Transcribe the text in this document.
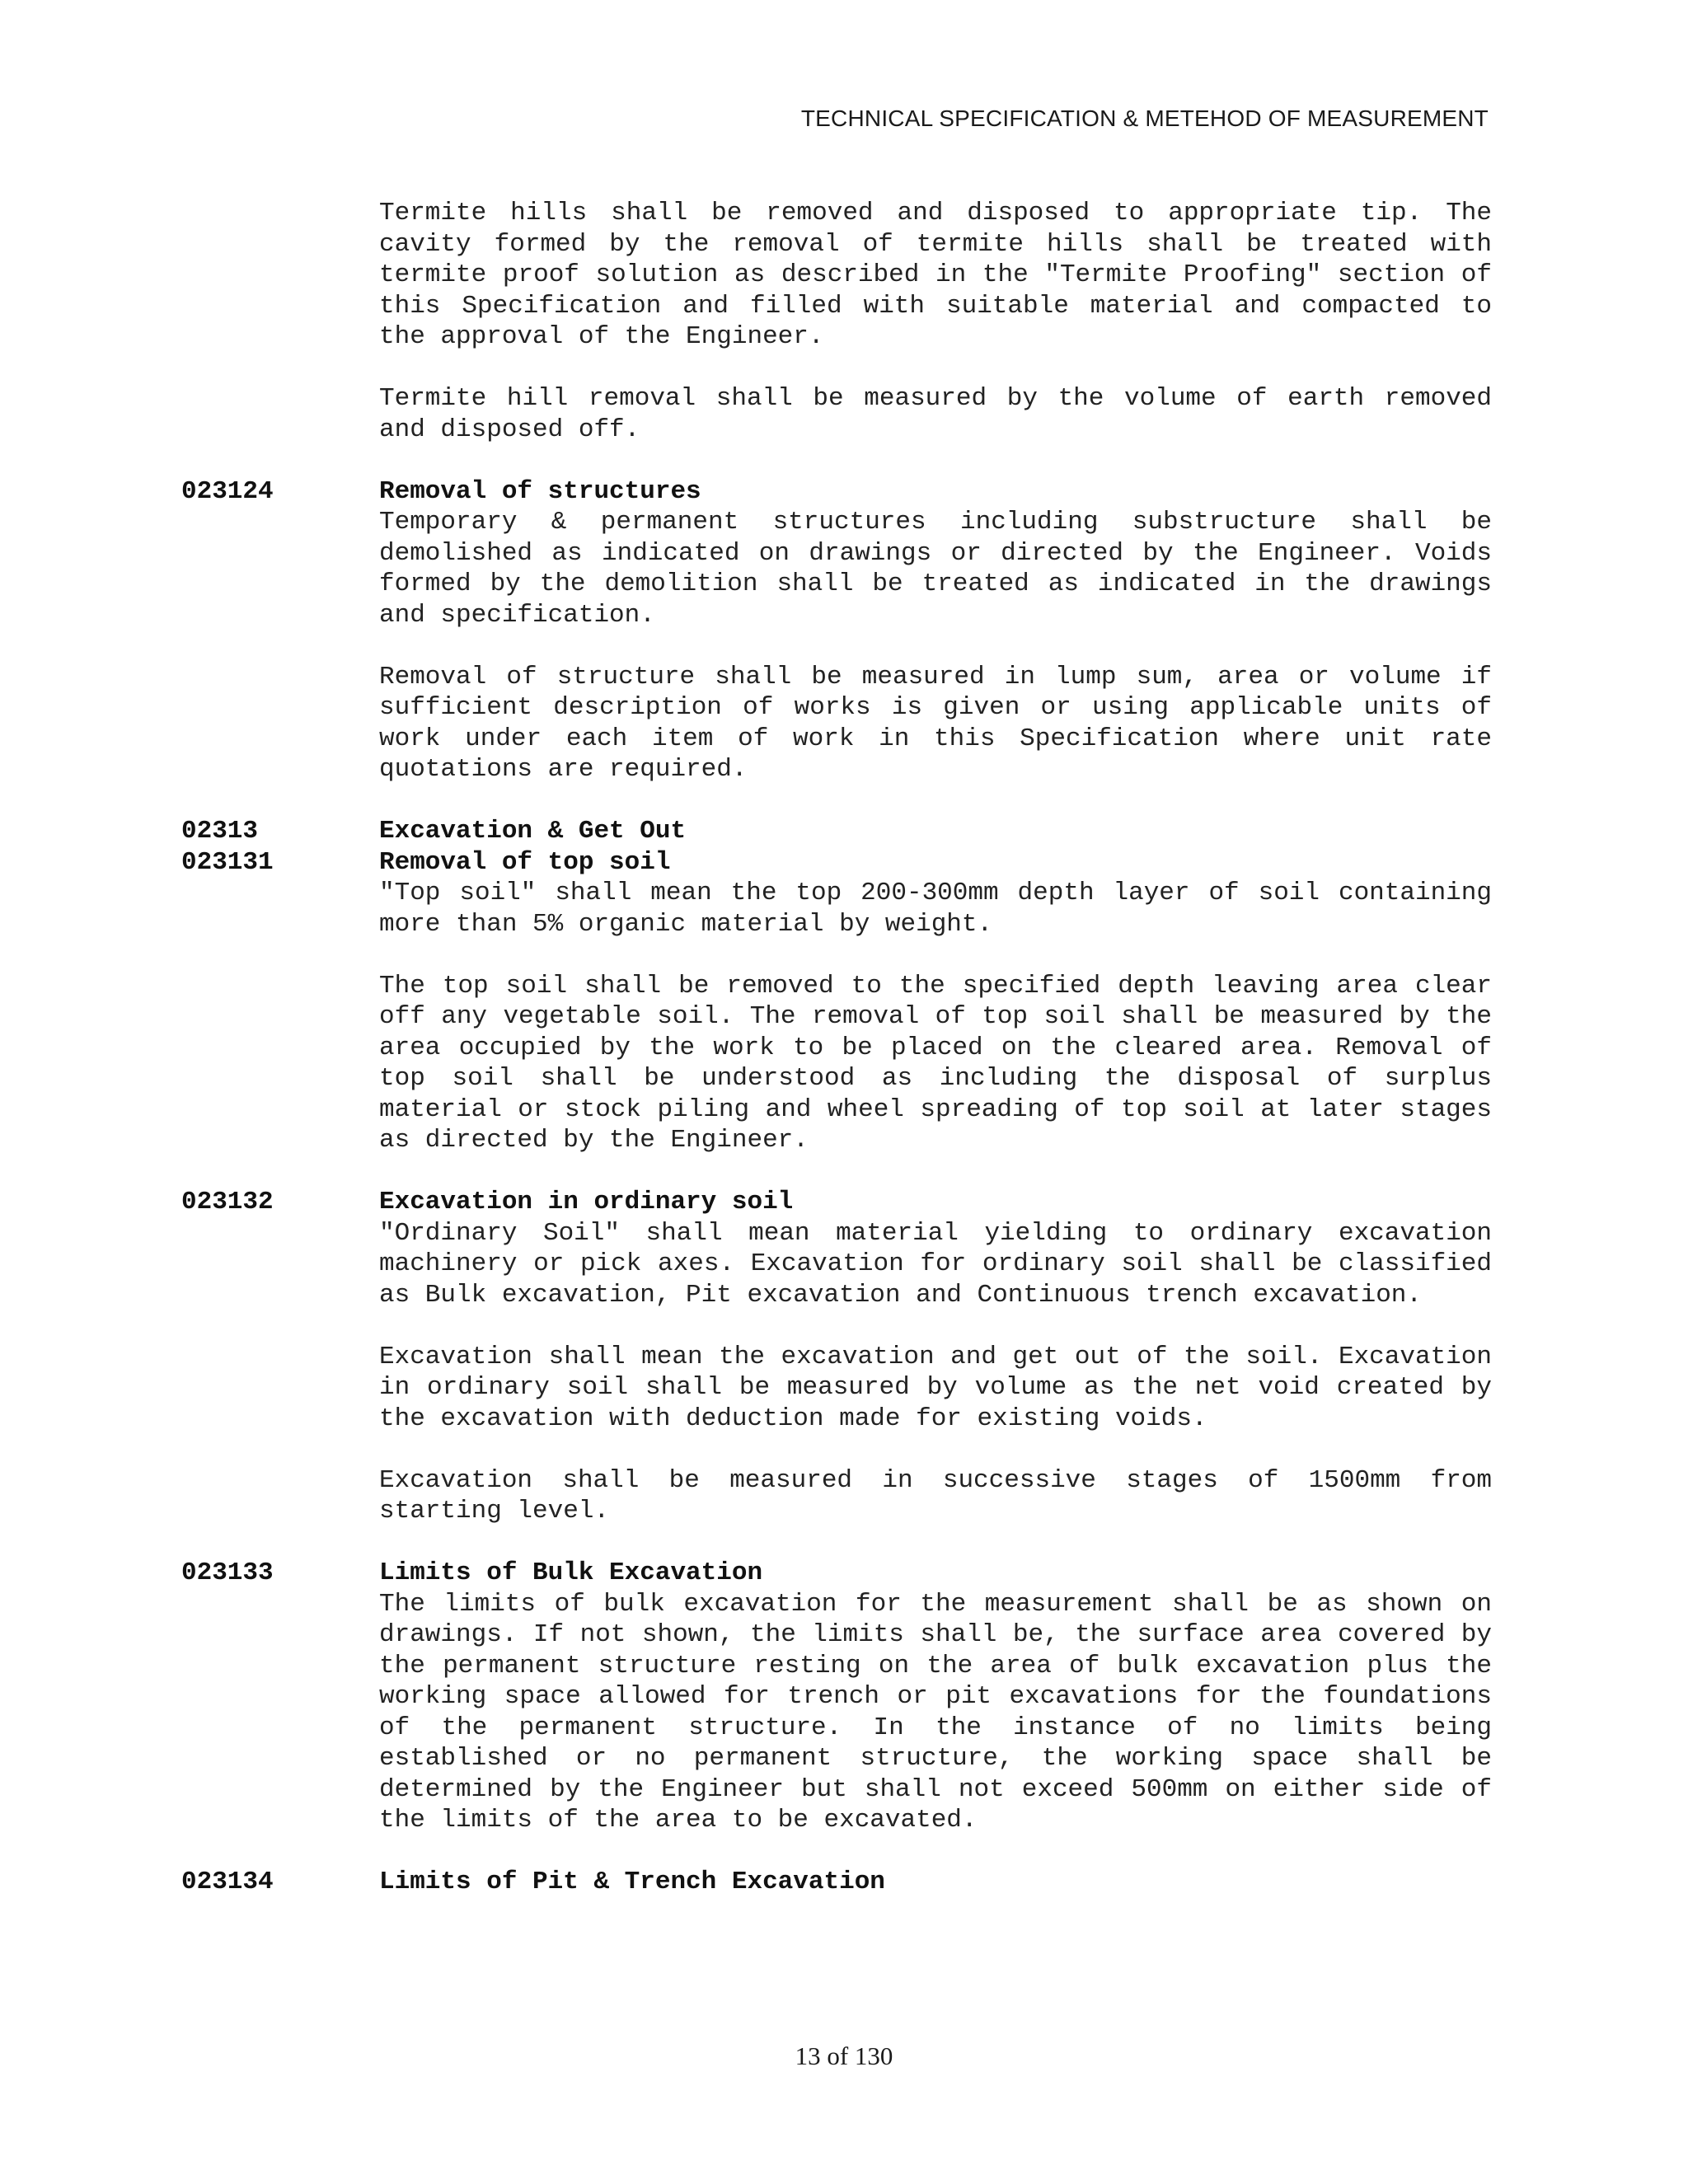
TECHNICAL SPECIFICATION & METEHOD OF MEASUREMENT
Termite hills shall be removed and disposed to appropriate tip. The cavity formed by the removal of termite hills shall be treated with termite proof solution as described in the "Termite Proofing" section of this Specification and filled with suitable material and compacted to the approval of the Engineer.
Termite hill removal shall be measured by the volume of earth removed and disposed off.
023124	Removal of structures
Temporary & permanent structures including substructure shall be demolished as indicated on drawings or directed by the Engineer. Voids formed by the demolition shall be treated as indicated in the drawings and specification.
Removal of structure shall be measured in lump sum, area or volume if sufficient description of works is given or using applicable units of work under each item of work in this Specification where unit rate quotations are required.
02313	Excavation & Get Out
023131	Removal of top soil
"Top soil" shall mean the top 200-300mm depth layer of soil containing more than 5% organic material by weight.
The top soil shall be removed to the specified depth leaving area clear off any vegetable soil. The removal of top soil shall be measured by the area occupied by the work to be placed on the cleared area. Removal of top soil shall be understood as including the disposal of surplus material or stock piling and wheel spreading of top soil at later stages as directed by the Engineer.
023132	Excavation in ordinary soil
"Ordinary Soil" shall mean material yielding to ordinary excavation machinery or pick axes. Excavation for ordinary soil shall be classified as Bulk excavation, Pit excavation and Continuous trench excavation.
Excavation shall mean the excavation and get out of the soil. Excavation in ordinary soil shall be measured by volume as the net void created by the excavation with deduction made for existing voids.
Excavation shall be measured in successive stages of 1500mm from starting level.
023133	Limits of Bulk Excavation
The limits of bulk excavation for the measurement shall be as shown on drawings. If not shown, the limits shall be, the surface area covered by the permanent structure resting on the area of bulk excavation plus the working space allowed for trench or pit excavations for the foundations of the permanent structure. In the instance of no limits being established or no permanent structure, the working space shall be determined by the Engineer but shall not exceed 500mm on either side of the limits of the area to be excavated.
023134	Limits of Pit & Trench Excavation
13 of 130
